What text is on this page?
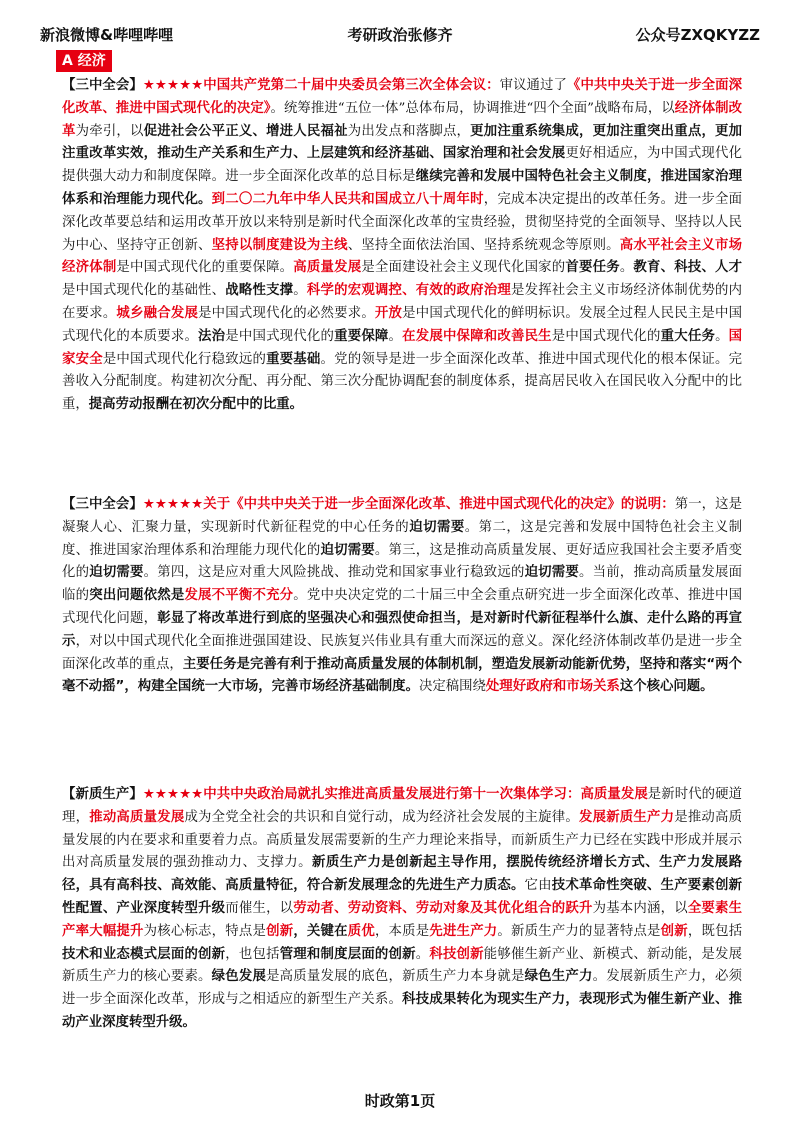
新浪微博&哔哩哔哩	考研政治张修齐	公众号ZXQKYZZ
A 经济
【三中全会】★★★★★中国共产党第二十届中央委员会第三次全体会议：审议通过了《中共中央关于进一步全面深化改革、推进中国式现代化的决定》。统筹推进“五位一体”总体布局，协调推进“四个全面”战略布局，以经济体制改革为牵引，以促进社会公平正义、增进人民福祉为出发点和落脚点，更加注重系统集成，更加注重突出重点，更加注重改革实效，推动生产关系和生产力、上层建筑和经济基础、国家治理和社会发展更好相适应，为中国式现代化提供强大动力和制度保障。进一步全面深化改革的总目标是继续完善和发展中国特色社会主义制度，推进国家治理体系和治理能力现代化。到二〇二九年中华人民共和国成立八十周年时，完成本决定提出的改革任务。进一步全面深化改革要总结和运用改革开放以来特别是新时代全面深化改革的宝贵经验，贯彻坚持党的全面领导、坚持以人民为中心、坚持守正创新、坚持以制度建设为主线、坚持全面依法治国、坚持系统观念等原则。高水平社会主义市场经济体制是中国式现代化的重要保障。高质量发展是全面建设社会主义现代化国家的首要任务。教育、科技、人才是中国式现代化的基础性、战略性支撑。科学的宏观调控、有效的政府治理是发挥社会主义市场经济体制优势的内在要求。城乡融合发展是中国式现代化的必然要求。开放是中国式现代化的鲜明标识。发展全过程人民民主是中国式现代化的本质要求。法治是中国式现代化的重要保障。在发展中保障和改善民生是中国式现代化的重大任务。国家安全是中国式现代化行稳致远的重要基础。党的领导是进一步全面深化改革、推进中国式现代化的根本保证。完善收入分配制度。构建初次分配、再分配、第三次分配协调配套的制度体系，提高居民收入在国民收入分配中的比重，提高劳动报酬在初次分配中的比重。
【三中全会】★★★★★关于《中共中央关于进一步全面深化改革、推进中国式现代化的决定》的说明：第一，这是凝聚人心、汇聚力量，实现新时代新征程党的中心任务的迫切需要。第二，这是完善和发展中国特色社会主义制度、推进国家治理体系和治理能力现代化的迫切需要。第三，这是推动高质量发展、更好适应我国社会主要矛盾变化的迫切需要。第四，这是应对重大风险挑战、推动党和国家事业行稳致远的迫切需要。当前，推动高质量发展面临的突出问题依然是发展不平衡不充分。党中央决定党的二十届三中全会重点研究进一步全面深化改革、推进中国式现代化问题，彰显了将改革进行到底的坚强决心和强烈使命担当，是对新时代新征程举什么旗、走什么路的再宣示，对以中国式现代化全面推进强国建设、民族复兴伟业具有重大而深远的意义。深化经济体制改革仍是进一步全面深化改革的重点，主要任务是完善有利于推动高质量发展的体制机制，塑造发展新动能新优势，坚持和落实“两个毫不动摇”，构建全国统一大市场，完善市场经济基础制度。决定稿围绕处理好政府和市场关系这个核心问题。
【新质生产】★★★★★中共中央政治局就扎实推进高质量发展进行第十一次集体学习：高质量发展是新时代的硬道理，推动高质量发展成为全党全社会的共识和自觉行动，成为经济社会发展的主旋律。发展新质生产力是推动高质量发展的内在要求和重要着力点。高质量发展需要新的生产力理论来指导，而新质生产力已经在实践中形成并展示出对高质量发展的强劲推动力、支撑力。新质生产力是创新起主导作用，摆脱传统经济增长方式、生产力发展路径，具有高科技、高效能、高质量特征，符合新发展理念的先进生产力质态。它由技术革命性突破、生产要素创新性配置、产业深度转型升级而催生，以劳动者、劳动资料、劳动对象及其优化组合的跃升为基本内涵，以全要素生产率大幅提升为核心标志，特点是创新，关键在质优，本质是先进生产力。新质生产力的显著特点是创新，既包括技术和业态模式层面的创新，也包括管理和制度层面的创新。科技创新能够催生新产业、新模式、新动能，是发展新质生产力的核心要素。绿色发展是高质量发展的底色，新质生产力本身就是绿色生产力。发展新质生产力，必须进一步全面深化改革，形成与之相适应的新型生产关系。科技成果转化为现实生产力，表现形式为催生新产业、推动产业深度转型升级。
时政第1页
